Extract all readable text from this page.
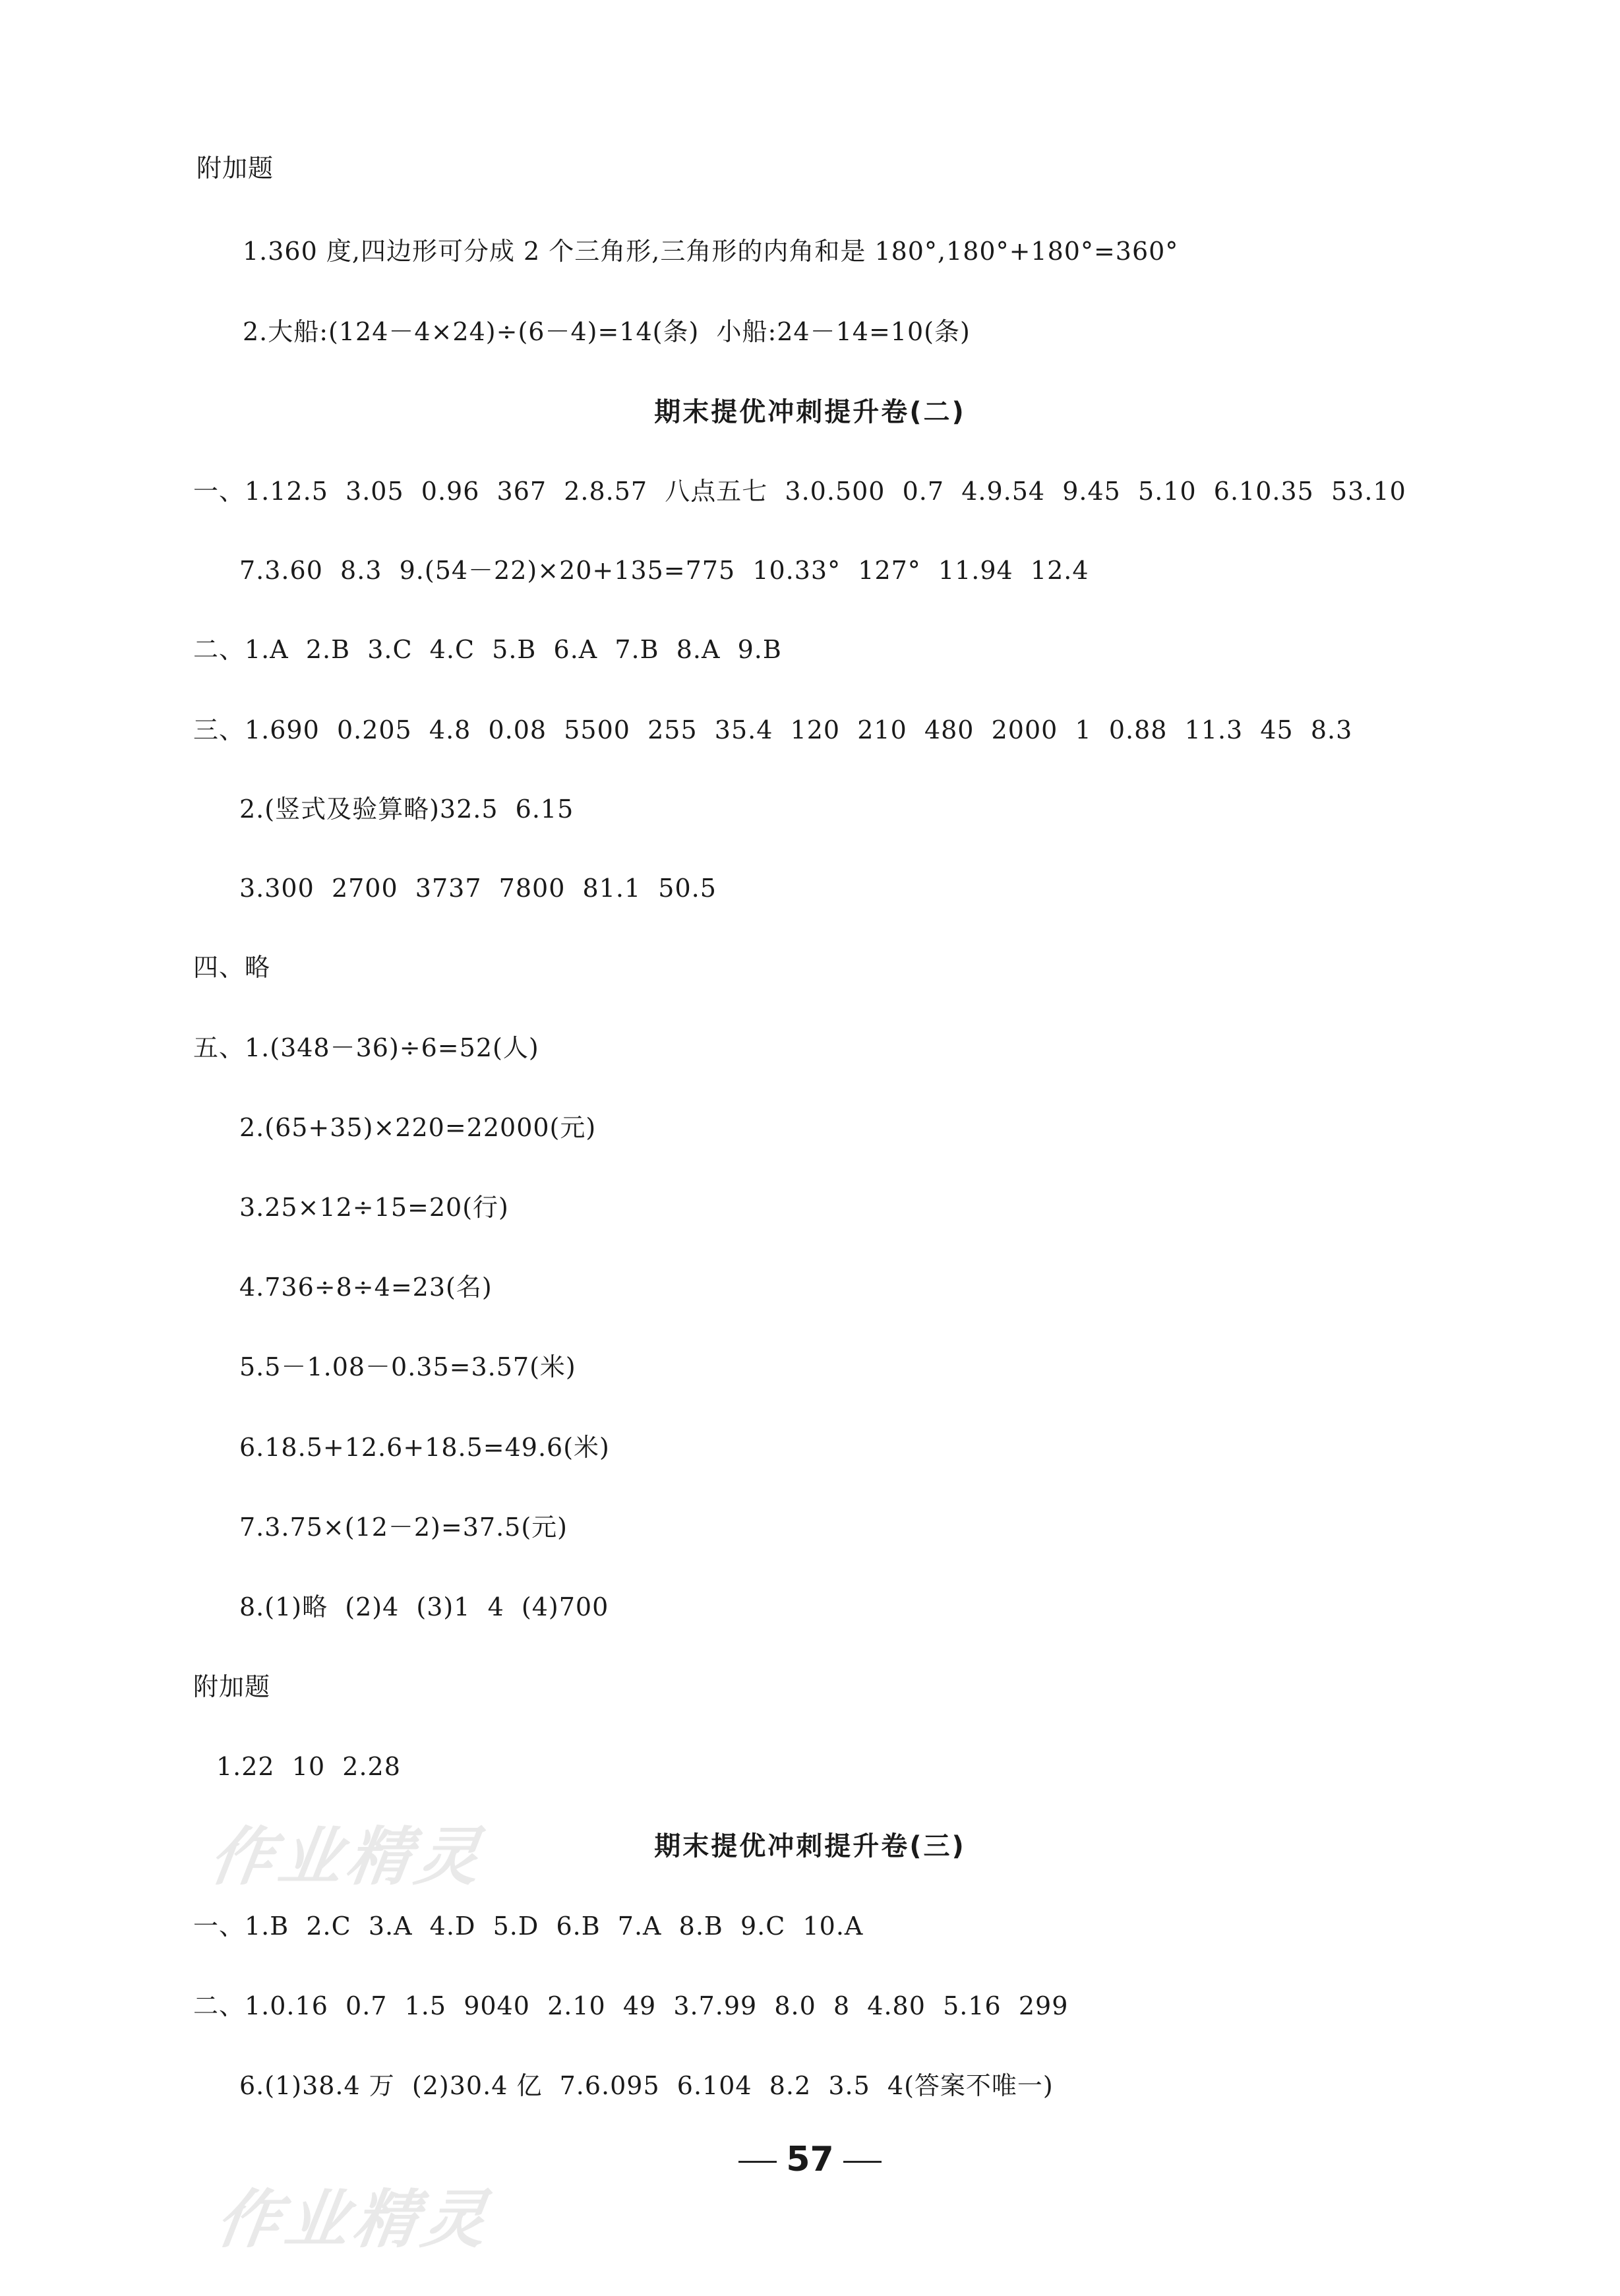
附加题
1.360 度,四边形可分成 2 个三角形,三角形的内角和是 180°,180°+180°=360°
2.大船:(124－4×24)÷(6－4)=14(条)  小船:24－14=10(条)
期末提优冲刺提升卷(二)
一、1.12.5  3.05  0.96  367  2.8.57  八点五七  3.0.500  0.7  4.9.54  9.45  5.10  6.10.35  53.10
7.3.60  8.3  9.(54－22)×20+135=775  10.33°  127°  11.94  12.4
二、1.A  2.B  3.C  4.C  5.B  6.A  7.B  8.A  9.B
三、1.690  0.205  4.8  0.08  5500  255  35.4  120  210  480  2000  1  0.88  11.3  45  8.3
2.(竖式及验算略)32.5  6.15
3.300  2700  3737  7800  81.1  50.5
四、略
五、1.(348－36)÷6=52(人)
2.(65+35)×220=22000(元)
3.25×12÷15=20(行)
4.736÷8÷4=23(名)
5.5－1.08－0.35=3.57(米)
6.18.5+12.6+18.5=49.6(米)
7.3.75×(12－2)=37.5(元)
8.(1)略  (2)4  (3)1  4  (4)700
附加题
1.22  10  2.28
作业精灵	期末提优冲刺提升卷(三)
一、1.B  2.C  3.A  4.D  5.D  6.B  7.A  8.B  9.C  10.A
二、1.0.16  0.7  1.5  9040  2.10  49  3.7.99  8.0  8  4.80  5.16  299
6.(1)38.4 万  (2)30.4 亿  7.6.095  6.104  8.2  3.5  4(答案不唯一)
57
作业精灵
